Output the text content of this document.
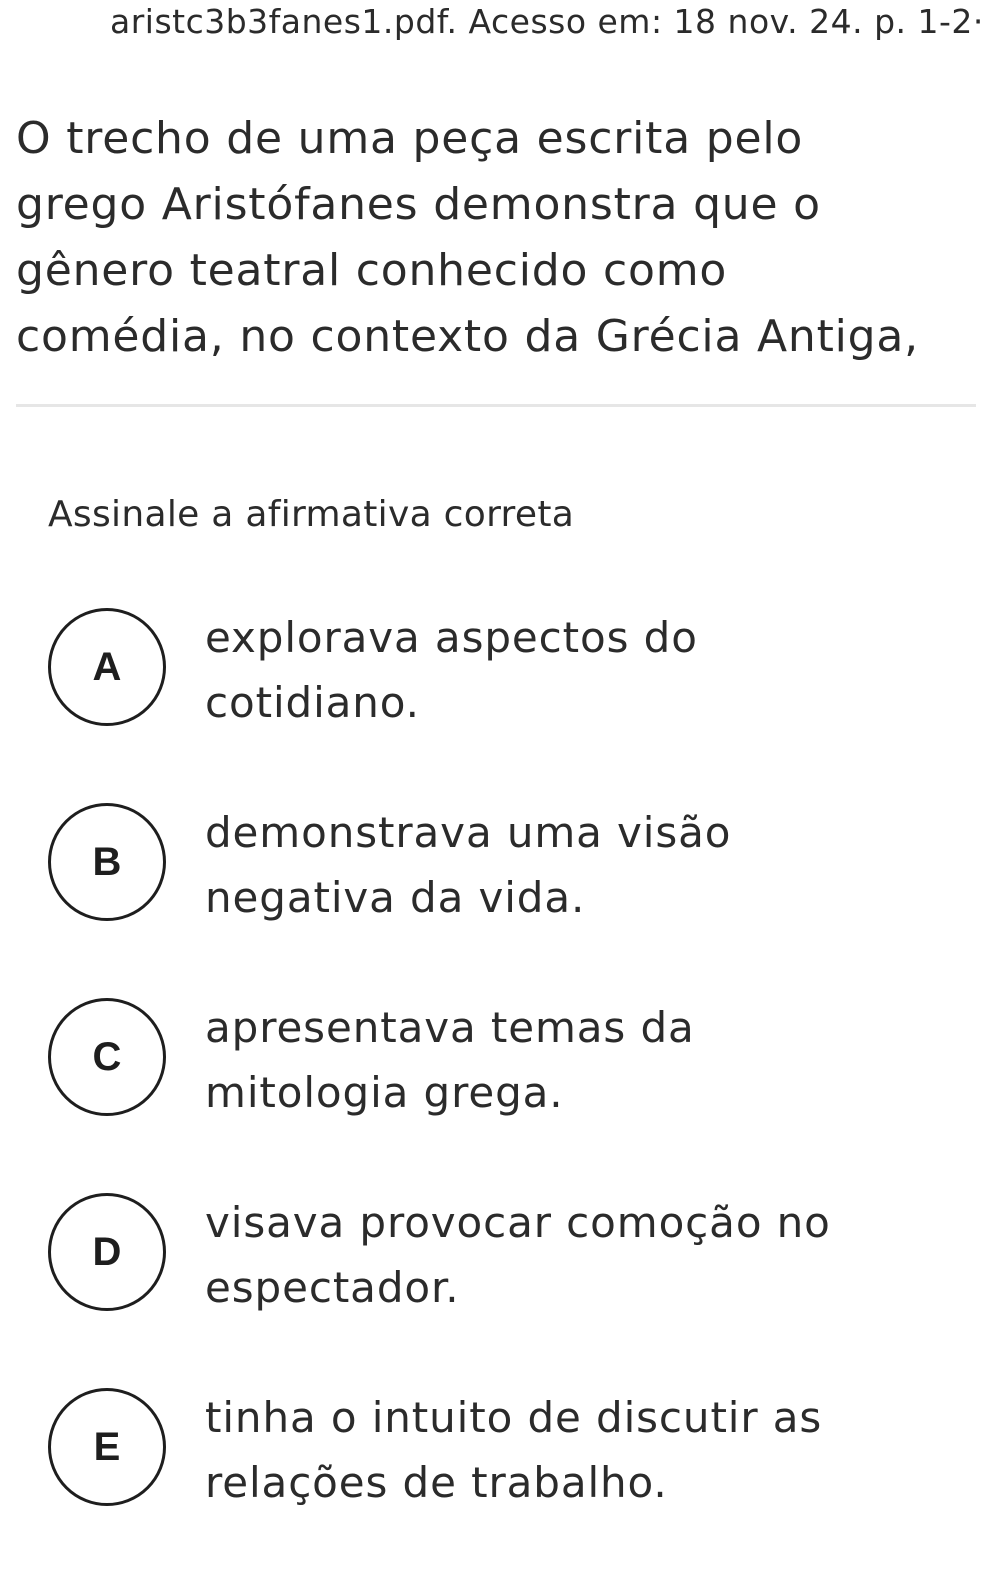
aristc3b3fanes1.pdf. Acesso em: 18 nov. 24. p. 1-2·
O trecho de uma peça escrita pelo
grego Aristófanes demonstra que o
gênero teatral conhecido como
comédia, no contexto da Grécia Antiga,
Assinale a afirmativa correta
A
explorava aspectos do
cotidiano.
B
demonstrava uma visão
negativa da vida.
C
apresentava temas da
mitologia grega.
D
visava provocar comoção no
espectador.
E
tinha o intuito de discutir as
relações de trabalho.
